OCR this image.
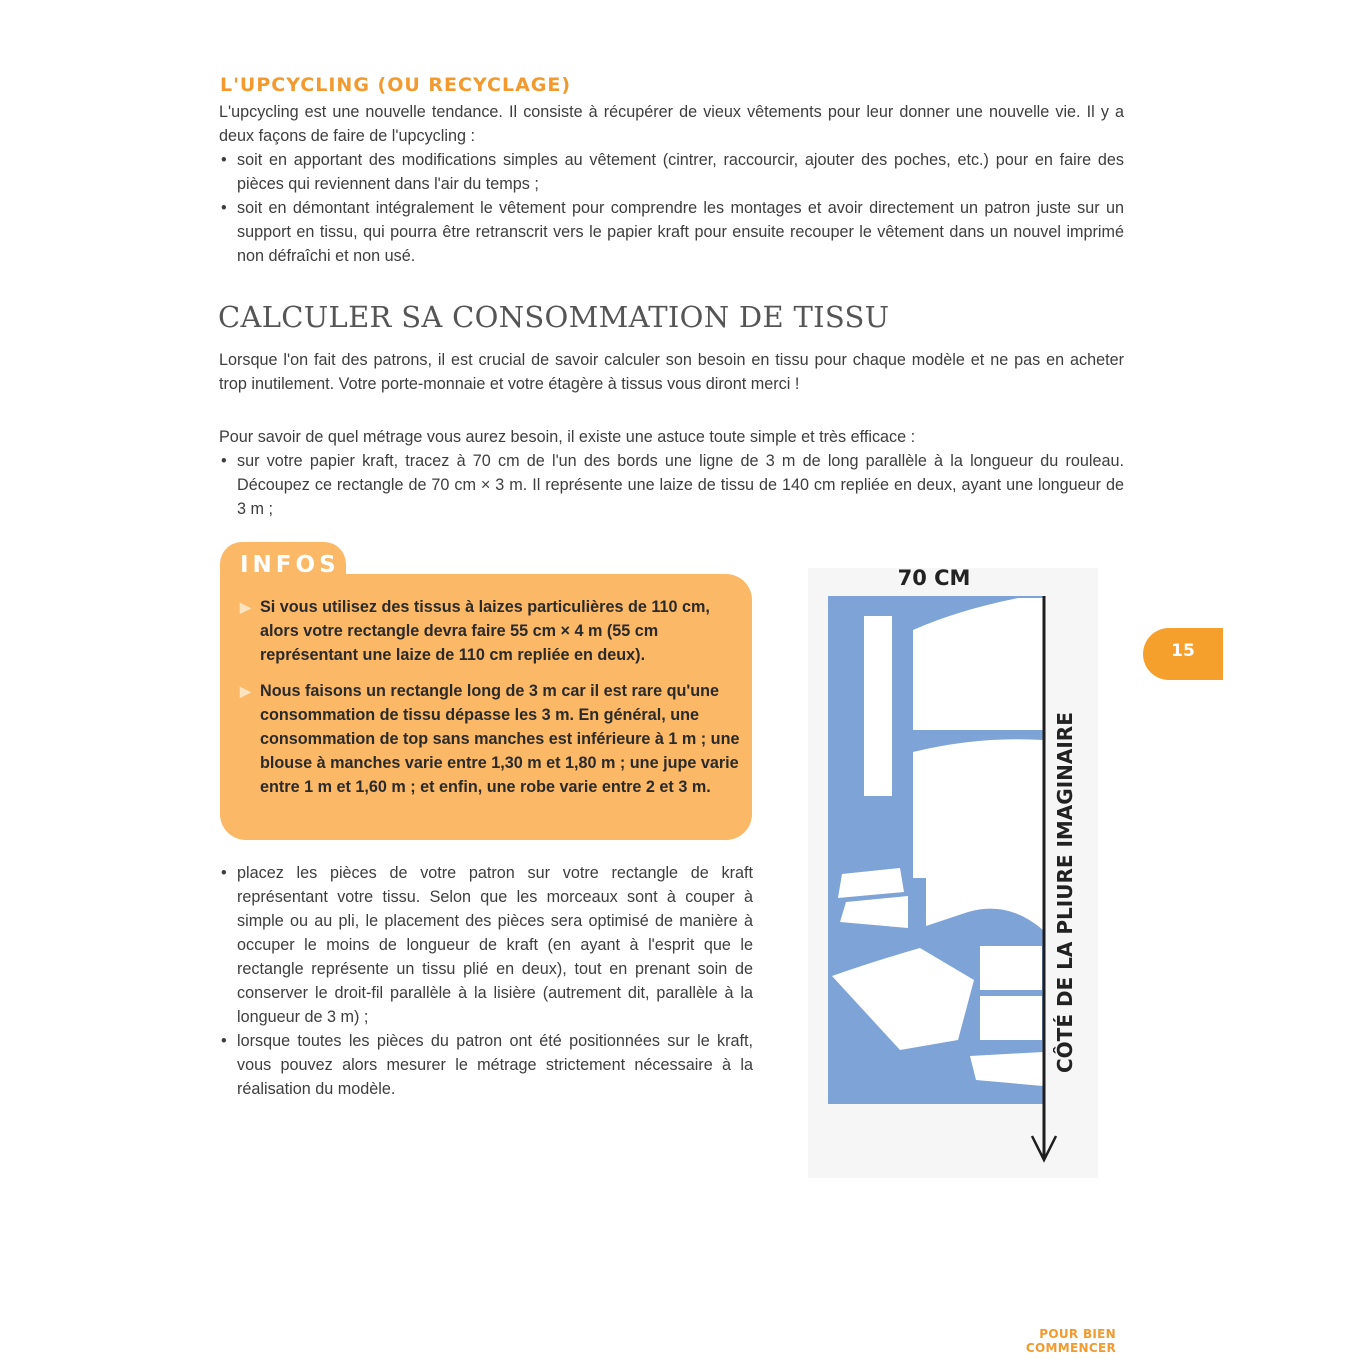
L'UPCYCLING (OU RECYCLAGE)

L'upcycling est une nouvelle tendance. Il consiste à récupérer de vieux vêtements pour leur donner une nouvelle vie. Il y a deux façons de faire de l'upcycling :

• soit en apportant des modifications simples au vêtement (cintrer, raccourcir, ajouter des poches, etc.) pour en faire des pièces qui reviennent dans l'air du temps ;
• soit en démontant intégralement le vêtement pour comprendre les montages et avoir directement un patron juste sur un support en tissu, qui pourra être retranscrit vers le papier kraft pour ensuite recouper le vêtement dans un nouvel imprimé non défraîchi et non usé.
CALCULER SA CONSOMMATION DE TISSU

Lorsque l'on fait des patrons, il est crucial de savoir calculer son besoin en tissu pour chaque modèle et ne pas en acheter trop inutilement. Votre porte-monnaie et votre étagère à tissus vous diront merci !

Pour savoir de quel métrage vous aurez besoin, il existe une astuce toute simple et très efficace :

• sur votre papier kraft, tracez à 70 cm de l'un des bords une ligne de 3 m de long parallèle à la longueur du rouleau. Découpez ce rectangle de 70 cm × 3 m. Il représente une laize de tissu de 140 cm repliée en deux, ayant une longueur de 3 m ;
▶ Si vous utilisez des tissus à laizes particulières de 110 cm, alors votre rectangle devra faire 55 cm × 4 m (55 cm représentant une laize de 110 cm repliée en deux).
▶ Nous faisons un rectangle long de 3 m car il est rare qu'une consommation de tissu dépasse les 3 m. En général, une consommation de top sans manches est inférieure à 1 m ; une blouse à manches varie entre 1,30 m et 1,80 m ; une jupe varie entre 1 m et 1,60 m ; et enfin, une robe varie entre 2 et 3 m.
INFOS
• placez les pièces de votre patron sur votre rectangle de kraft représentant votre tissu. Selon que les morceaux sont à couper à simple ou au pli, le placement des pièces sera optimisé de manière à occuper le moins de longueur de kraft (en ayant à l'esprit que le rectangle représente un tissu plié en deux), tout en prenant soin de conserver le droit-fil parallèle à la lisière (autrement dit, parallèle à la longueur de 3 m) ;
• lorsque toutes les pièces du patron ont été positionnées sur le kraft, vous pouvez alors mesurer le métrage strictement nécessaire à la réalisation du modèle.
70 CM
CÔTÉ DE LA PLIURE IMAGINAIRE
15
POUR BIEN COMMENCER
